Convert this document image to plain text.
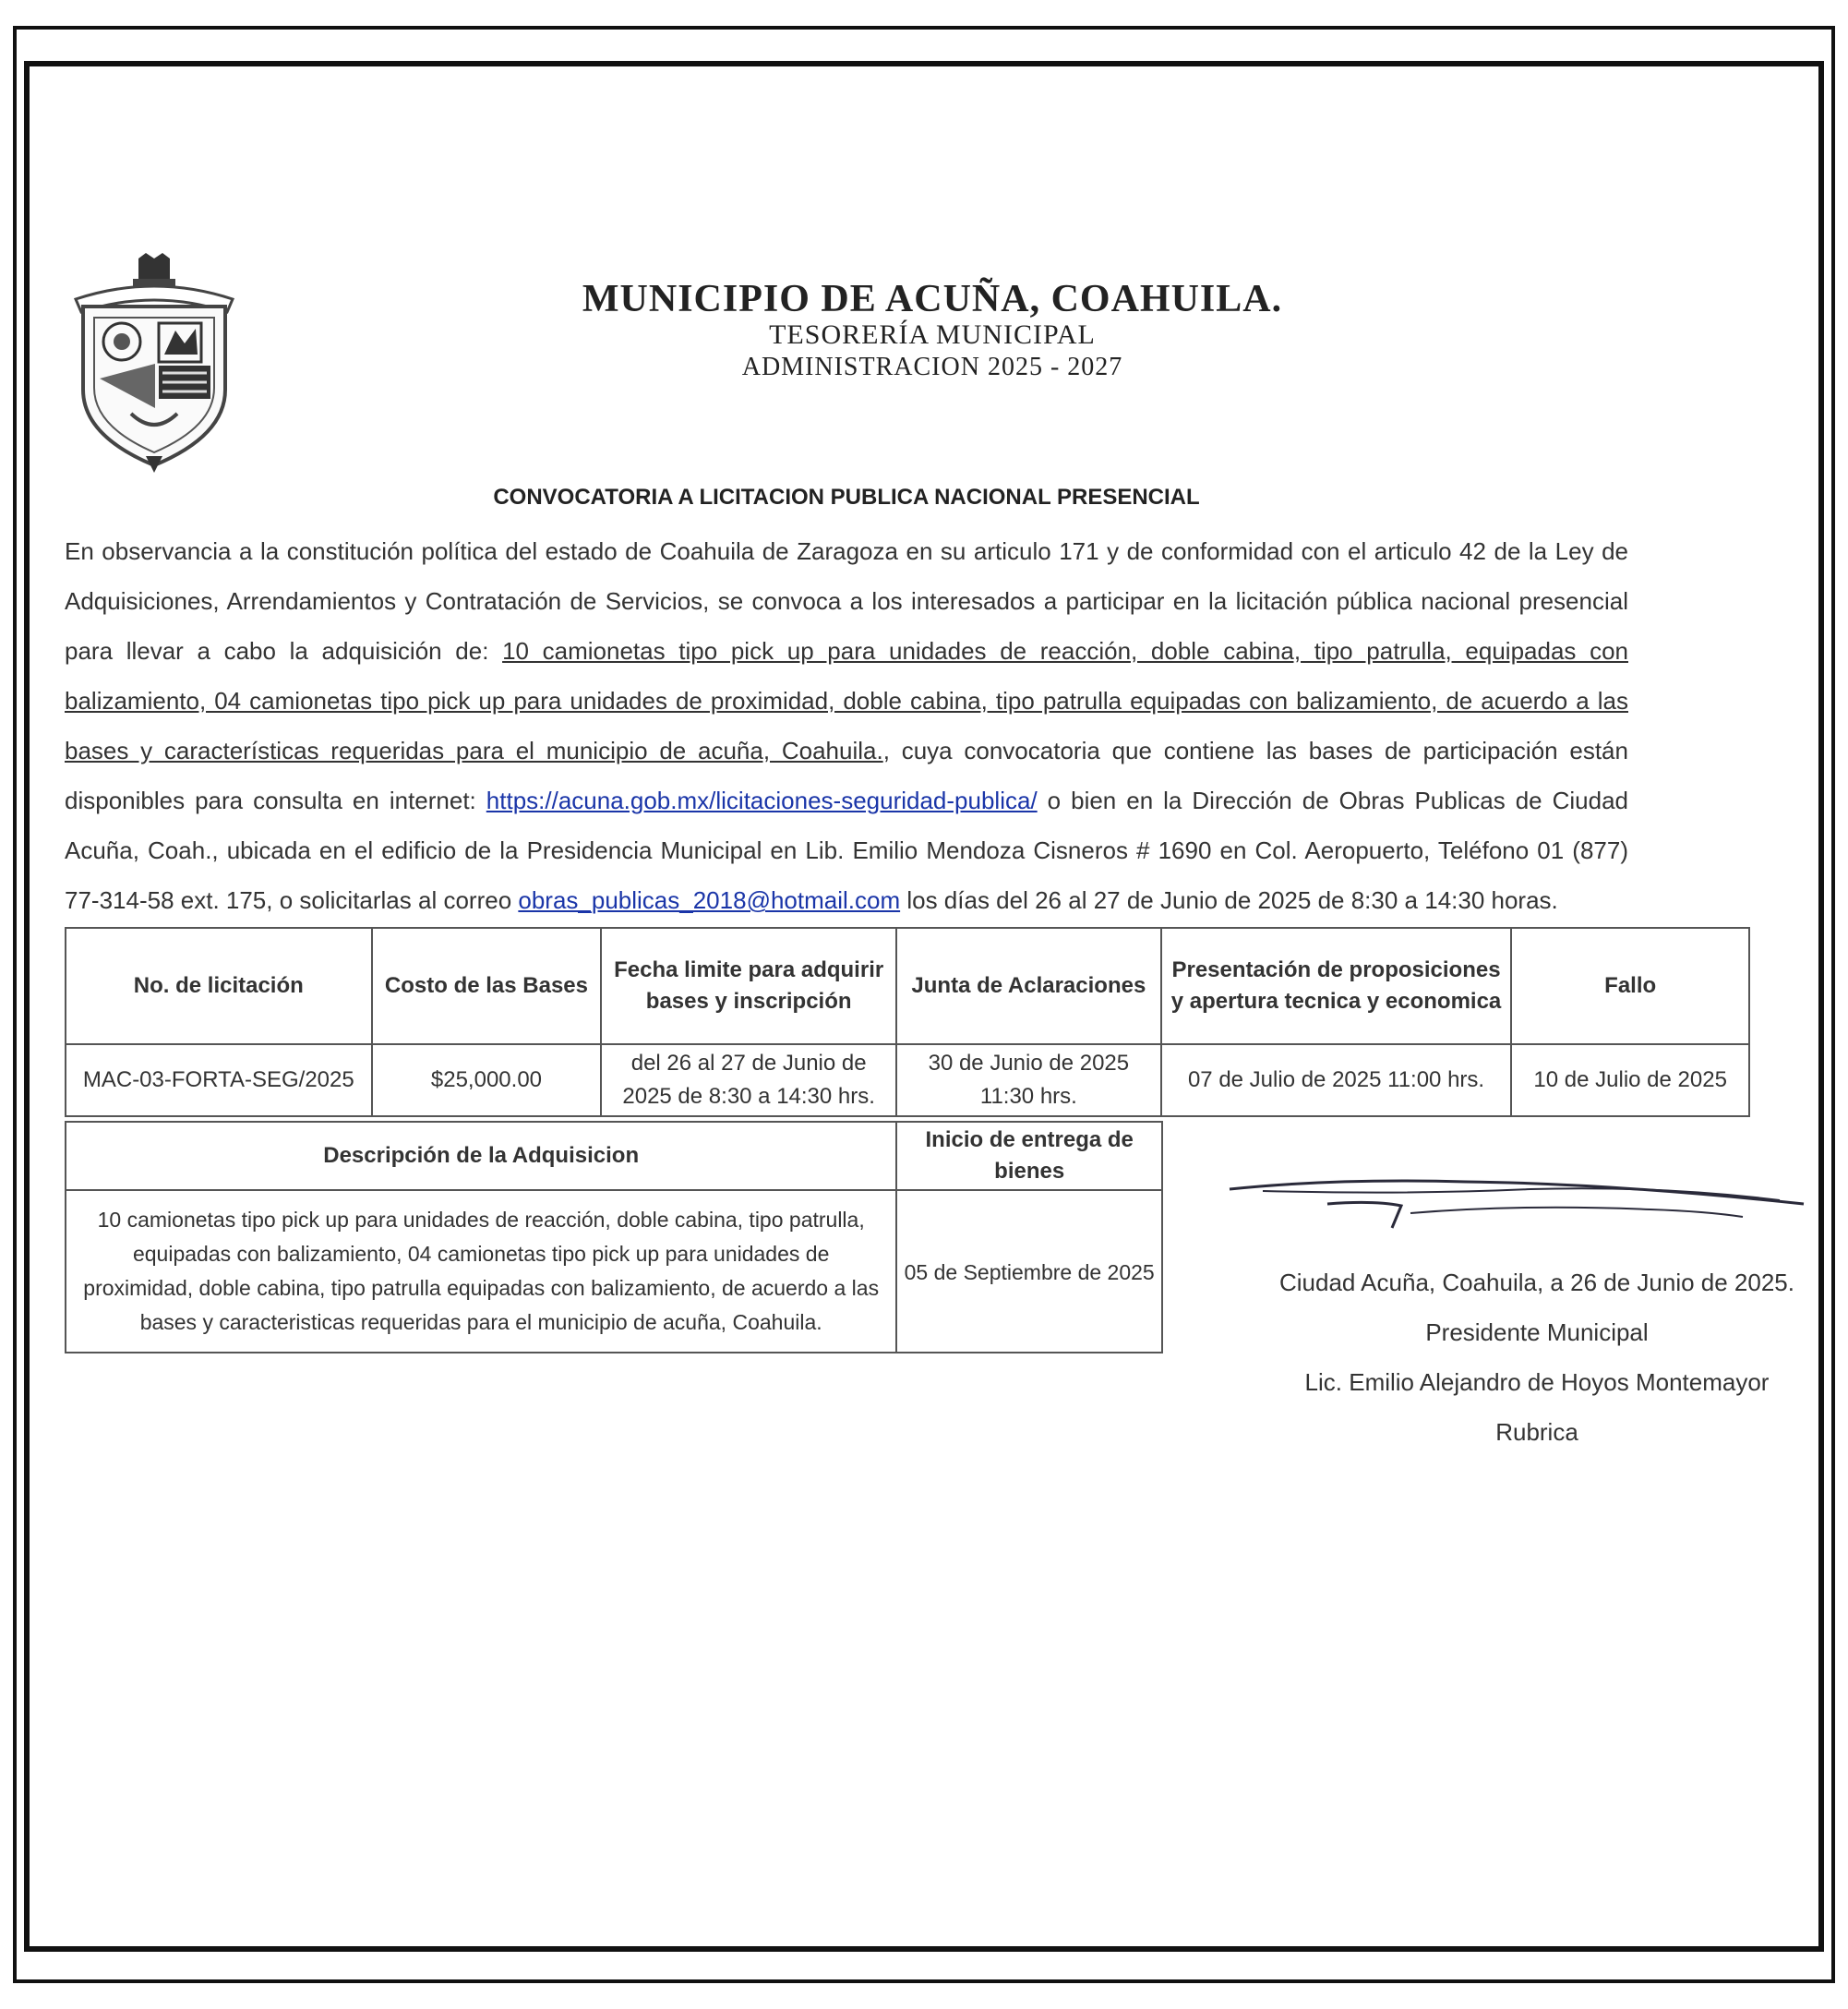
MUNICIPIO DE ACUÑA, COAHUILA.
TESORERÍA MUNICIPAL
ADMINISTRACION 2025 - 2027
CONVOCATORIA A LICITACION PUBLICA NACIONAL PRESENCIAL
En observancia a la constitución política del estado de Coahuila de Zaragoza en su articulo 171 y de conformidad con el articulo 42 de la Ley de Adquisiciones, Arrendamientos y Contratación de Servicios, se convoca a los interesados a participar en la licitación pública nacional presencial para llevar a cabo la adquisición de: 10 camionetas tipo pick up para unidades de reacción, doble cabina, tipo patrulla, equipadas con balizamiento, 04 camionetas tipo pick up para unidades de proximidad, doble cabina, tipo patrulla equipadas con balizamiento, de acuerdo a las bases y características requeridas para el municipio de acuña, Coahuila., cuya convocatoria que contiene las bases de participación están disponibles para consulta en internet: https://acuna.gob.mx/licitaciones-seguridad-publica/ o bien en la Dirección de Obras Publicas de Ciudad Acuña, Coah., ubicada en el edificio de la Presidencia Municipal en Lib. Emilio Mendoza Cisneros # 1690 en Col. Aeropuerto, Teléfono 01 (877) 77-314-58 ext. 175, o solicitarlas al correo obras_publicas_2018@hotmail.com los días del 26 al 27 de Junio de 2025 de 8:30 a 14:30 horas.
No. de licitación	Costo de las Bases	Fecha limite para adquirir bases y inscripción	Junta de Aclaraciones	Presentación de proposiciones y apertura tecnica y economica	Fallo
MAC-03-FORTA-SEG/2025	$25,000.00	del 26 al 27 de Junio de 2025 de 8:30 a 14:30 hrs.	30 de Junio de 2025 11:30 hrs.	07 de Julio de 2025 11:00 hrs.	10 de Julio de 2025
Descripción de la Adquisicion	Inicio de entrega de bienes
10 camionetas tipo pick up para unidades de reacción, doble cabina, tipo patrulla, equipadas con balizamiento, 04 camionetas tipo pick up para unidades de proximidad, doble cabina, tipo patrulla equipadas con balizamiento, de acuerdo a las bases y caracteristicas requeridas para el municipio de acuña, Coahuila.	05 de Septiembre de 2025	Ciudad Acuña, Coahuila, a 26 de Junio de 2025.
Presidente Municipal
Lic. Emilio Alejandro de Hoyos Montemayor
Rubrica
